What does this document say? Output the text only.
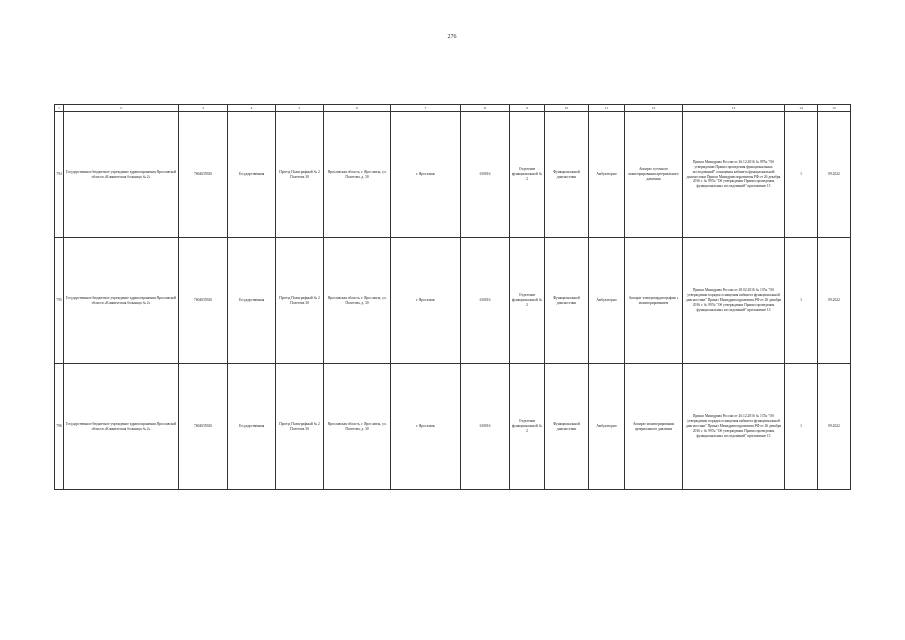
276
1	2	3	4	5	6	7	8	9	10	11	12	13	14	15
794	Государственное бюджетное учреждение здравоохранения Ярославской области «Клиническая больница № 2»	7604035920	Государственная	Проезд Полиграфный № 2 Полетова 30	Ярославская область, г. Ярославль, ул. Полетова, д. 30	г. Ярославль	610016	Отделение функциональной № 2	Функциональной диагностики	Амбулаторно	Аппарат суточного мониторирования артериального давления	Приказ Минздрава России от 26.12.2016 № 997н "Об утверждении Правил проведения функциональных исследований" оснащения кабинета функциональной диагностики Приказ Минздравсоцразвития РФ от 26 декабря 2016 г. № 997н "Об утверждении Правил проведения функциональных исследований" приложение 13	1	09.2022
795	Государственное бюджетное учреждение здравоохранения Ярославской области «Клиническая больница № 2»	7604035920	Государственная	Проезд Полиграфный № 2 Полетова 30	Ярославская область, г. Ярославль, ул. Полетова, д. 30	г. Ярославль	610016	Отделение функциональной № 2	Функциональной диагностики	Амбулаторно	Аппарат электрокардиографии с мониторированием	Приказ Минздрава России от 28.02.2016 № 137н "Об утверждении порядка оснащения кабинета функциональной диагностики" Приказ Минздравсоцразвития РФ от 26 декабря 2016 г. № 997н "Об утверждении Правил проведения функциональных исследований" приложение 13	1	09.2022
796	Государственное бюджетное учреждение здравоохранения Ярославской области «Клиническая больница № 2»	7604035920	Государственная	Проезд Полиграфный № 2 Полетова 30	Ярославская область, г. Ярославль, ул. Полетова, д. 30	г. Ярославль	610016	Отделение функциональной № 2	Функциональной диагностики	Амбулаторно	Аппарат мониторирования артериального давления	Приказ Минздрава России от 26.12.2016 № 137н "Об утверждении порядка оснащения кабинета функциональной диагностики" Приказ Минздравсоцразвития РФ от 26 декабря 2016 г. № 997н "Об утверждении Правил проведения функциональных исследований" приложение 13	1	09.2022
